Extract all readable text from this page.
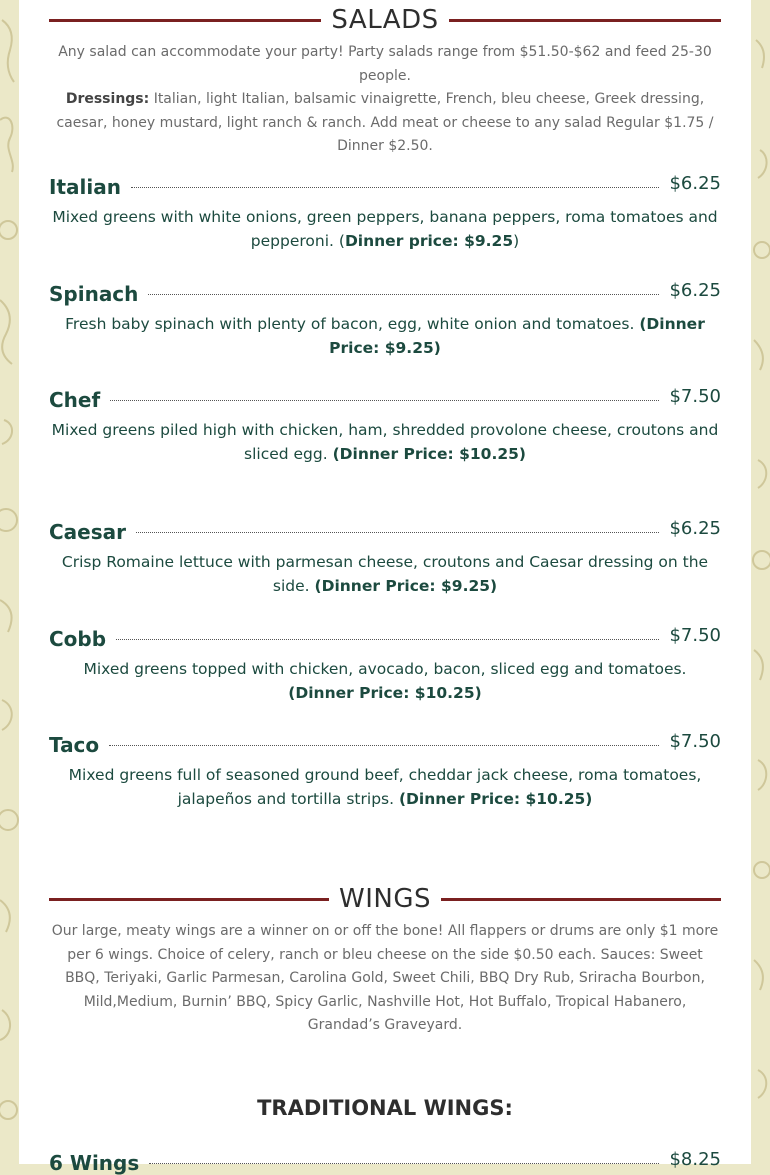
SALADS
Any salad can accommodate your party! Party salads range from $51.50-$62 and feed 25-30 people.
Dressings: Italian, light Italian, balsamic vinaigrette, French, bleu cheese, Greek dressing, caesar, honey mustard, light ranch & ranch. Add meat or cheese to any salad Regular $1.75 / Dinner $2.50.
Italian	$6.25
Mixed greens with white onions, green peppers, banana peppers, roma tomatoes and pepperoni. (Dinner price: $9.25)
Spinach	$6.25
Fresh baby spinach with plenty of bacon, egg, white onion and tomatoes. (Dinner Price: $9.25)
Chef	$7.50
Mixed greens piled high with chicken, ham, shredded provolone cheese, croutons and sliced egg. (Dinner Price: $10.25)
Caesar	$6.25
Crisp Romaine lettuce with parmesan cheese, croutons and Caesar dressing on the side. (Dinner Price: $9.25)
Cobb	$7.50
Mixed greens topped with chicken, avocado, bacon, sliced egg and tomatoes. (Dinner Price: $10.25)
Taco	$7.50
Mixed greens full of seasoned ground beef, cheddar jack cheese, roma tomatoes, jalapeños and tortilla strips. (Dinner Price: $10.25)
WINGS
Our large, meaty wings are a winner on or off the bone! All flappers or drums are only $1 more per 6 wings. Choice of celery, ranch or bleu cheese on the side $0.50 each. Sauces: Sweet BBQ, Teriyaki, Garlic Parmesan, Carolina Gold, Sweet Chili, BBQ Dry Rub, Sriracha Bourbon, Mild,Medium, Burnin’ BBQ, Spicy Garlic, Nashville Hot, Hot Buffalo, Tropical Habanero, Grandad’s Graveyard.
TRADITIONAL WINGS:
6 Wings	$8.25
